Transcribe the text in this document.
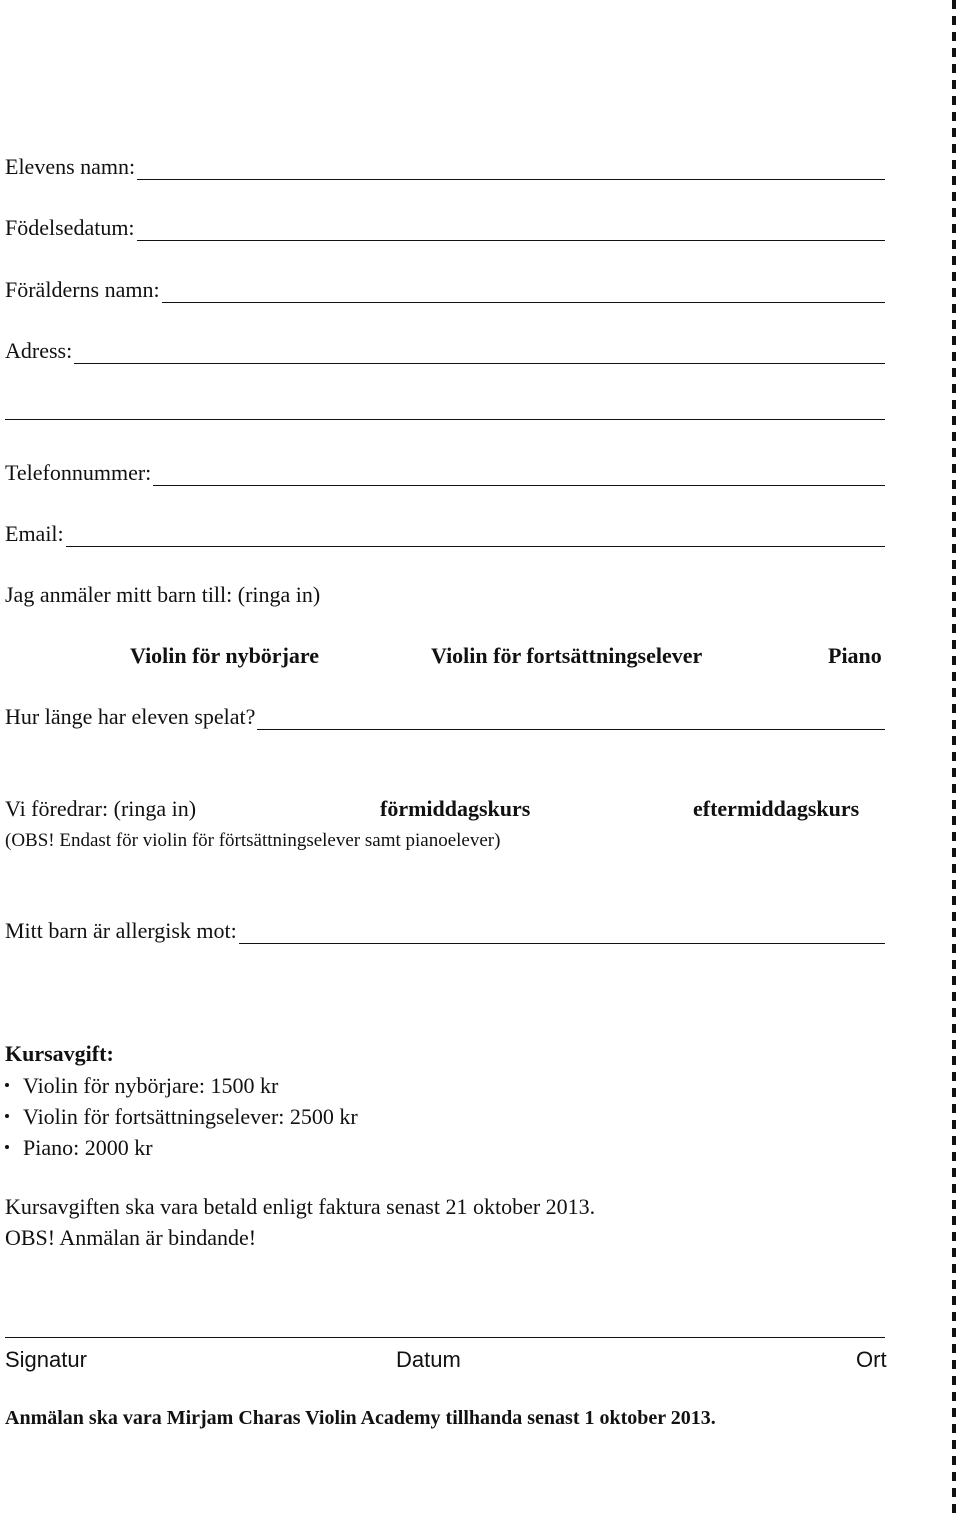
Elevens namn:
Födelsedatum:
Förälderns namn:
Adress:
Telefonnummer:
Email:
Jag anmäler mitt barn till: (ringa in)
Violin för nybörjare	Violin för fortsättningselever	Piano
Hur länge har eleven spelat?
Vi föredrar: (ringa in)	förmiddagskurs	eftermiddagskurs
(OBS! Endast för violin för förtsättningselever samt pianoelever)
Mitt barn är allergisk mot:
Kursavgift:
Violin för nybörjare: 1500 kr
Violin för fortsättningselever: 2500 kr
Piano: 2000 kr
Kursavgiften ska vara betald enligt faktura senast 21 oktober 2013.
OBS! Anmälan är bindande!
Signatur	Datum	Ort
Anmälan ska vara Mirjam Charas Violin Academy tillhanda senast 1 oktober 2013.
